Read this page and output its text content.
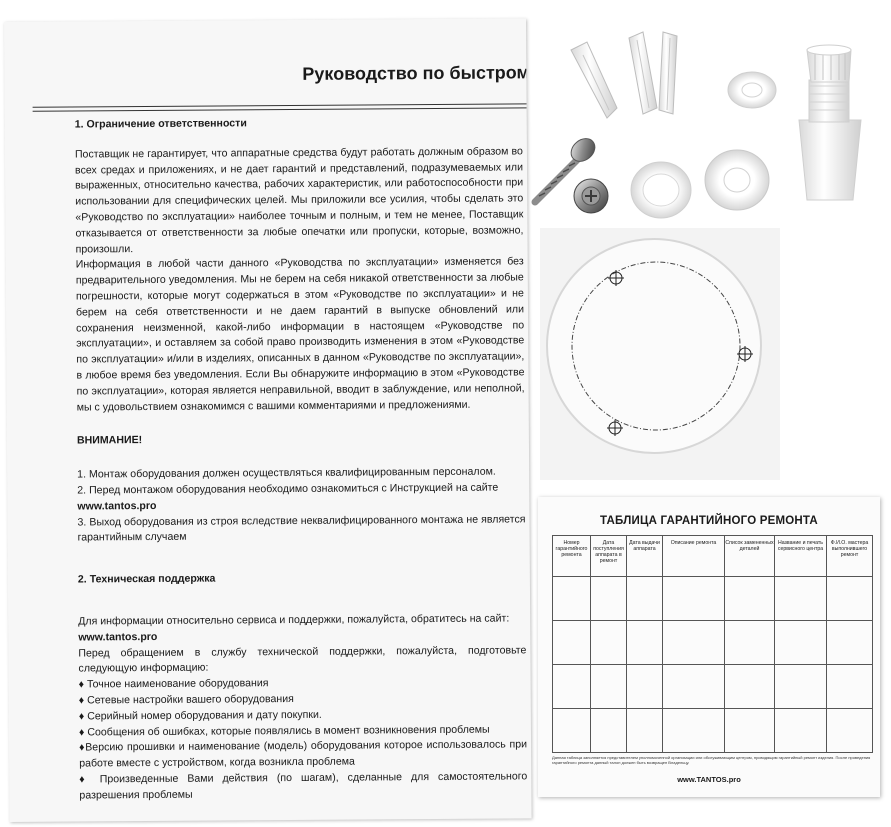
Руководство по быстром

1. Ограничение ответственности

Поставщик не гарантирует, что аппаратные средства будут работать должным образом во всех средах и приложениях, и не дает гарантий и представлений, подразумеваемых или выраженных, относительно качества, рабочих характеристик, или работоспособности при использовании для специфических целей. Мы приложили все усилия, чтобы сделать это «Руководство по эксплуатации» наиболее точным и полным, и тем не менее, Поставщик отказывается от ответственности за любые опечатки или пропуски, которые, возможно, произошли.

Информация в любой части данного «Руководства по эксплуатации» изменяется без предварительного уведомления. Мы не берем на себя никакой ответственности за любые погрешности, которые могут содержаться в этом «Руководстве по эксплуатации» и не берем на себя ответственности и не даем гарантий в выпуске обновлений или сохранения неизменной, какой-либо информации в настоящем «Руководстве по эксплуатации», и оставляем за собой право производить изменения в этом «Руководстве по эксплуатации» и/или в изделиях, описанных в данном «Руководстве по эксплуатации», в любое время без уведомления. Если Вы обнаружите информацию в этом «Руководстве по эксплуатации», которая является неправильной, вводит в заблуждение, или неполной, мы с удовольствием ознакомимся с вашими комментариями и предложениями.

ВНИМАНИЕ!

1. Монтаж оборудования должен осуществляться квалифицированным персоналом.

2. Перед монтажом оборудования необходимо ознакомиться с Инструкцией на сайте

www.tantos.pro

3. Выход оборудования из строя вследствие неквалифицированного монтажа не является гарантийным случаем

2. Техническая поддержка

Для информации относительно сервиса и поддержки, пожалуйста, обратитесь на сайт:

www.tantos.pro

Перед обращением в службу технической поддержки, пожалуйста, подготовьте следующую информацию:

♦ Точное наименование оборудования

♦ Сетевые настройки вашего оборудования

♦ Серийный номер оборудования и дату покупки.

♦ Сообщения об ошибках, которые появлялись в момент возникновения проблемы

♦Версию прошивки и наименование (модель) оборудования которое использовалось при работе вместе с устройством, когда возникла проблема

♦ Произведенные Вами действия (по шагам), сделанные для самостоятельного разрешения проблемы

ТАБЛИЦА ГАРАНТИЙНОГО РЕМОНТА
Номер гарантийного ремонта	Дата поступления аппарата в ремонт	Дата выдачи аппарата	Описание ремонта	Список замененных деталей	Название и печать сервисного центра	Ф.И.О. мастера выполнившего ремонт

Данная таблица заполняется представителем уполномоченной организации или обслуживающим центром, проводящим гарантийный ремонт изделия. После проведения гарантийного ремонта данный талон должен быть возвращен Владельцу.
www.TANTOS.pro
